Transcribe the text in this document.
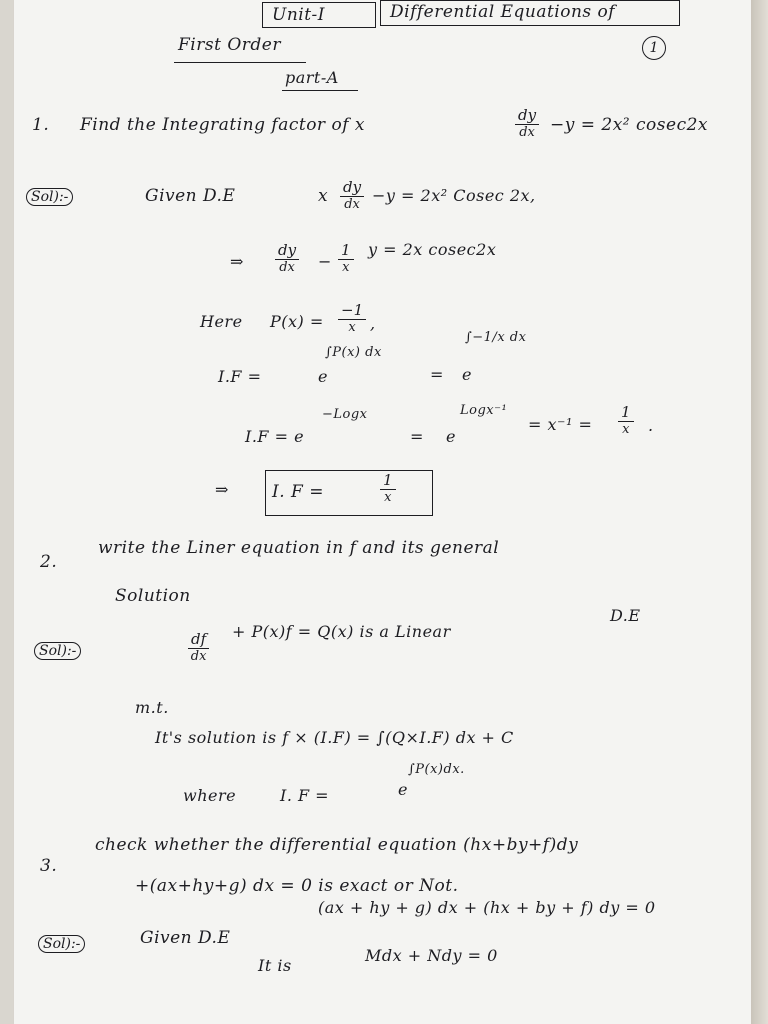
Unit-I	Differential Equations of
First Order	1
part-A
1. Find the Integrating factor of x	$\frac{dy}{dx} -y = 2x^2$ cosec2x
Sol):-	Given D.E	x $\frac{dy}{dx} -y = 2x^2$ Cosec 2x,
⇒ $\frac{dy}{dx} - \frac{1}{x}$ y = 2x cosec2x
Here $P(x) = \frac{-1}{x}$ ,
∫P(x) dx
∫−1/x dx
I.F =	e	= e
−Logx	Logx⁻¹
I.F = e	= e
= $x^{-1} = \frac{1}{x}$ .
⇒	I. F =	$\frac{1}{x}$
2.
write the Liner equation in f and its general
Solution
Sol):-	$\frac{df}{dx}$
+ P(x)f = Q(x) is a Linear
D.E
m.t.
It's solution is f × (I.F) = ∫(Q×I.F) dx + C
∫P(x)dx.
where	I. F =	e
3.
check whether the differential equation (hx+by+f)dy
+(ax+hy+g) dx = 0 is exact or Not.
Sol):-	Given D.E
(ax + hy + g) dx + (hx + by + f) dy = 0
It is
Mdx + Ndy = 0
